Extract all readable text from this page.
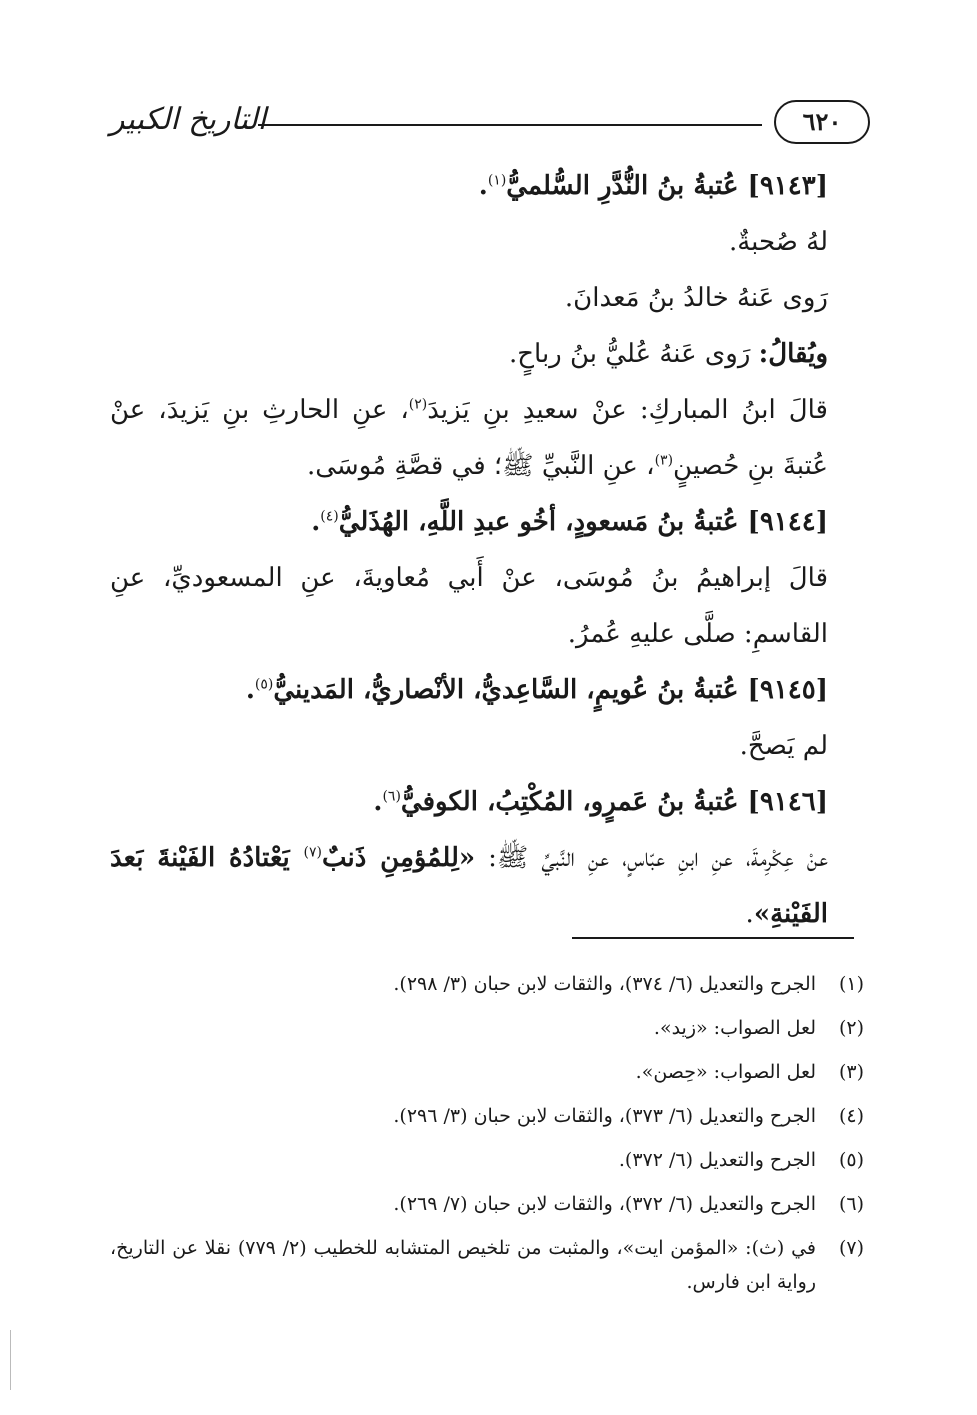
التاريخ الكبير	٦٢٠

[٩١٤٣] عُتبةُ بنُ النُّدَّرِ السُّلميُّ$^{(١)}$.

لهُ صُحبةٌ.

رَوى عَنهُ خالدُ بنُ مَعدانَ.

ويُقالُ: رَوى عَنهُ عُليُّ بنُ رباحٍ.

قالَ ابنُ المباركِ: عنْ سعيدِ بنِ يَزيدَ$^{(٢)}$، عنِ الحارثِ بنِ يَزيدَ، عنْ عُتبةَ بنِ حُصينٍ$^{(٣)}$، عنِ النَّبيِّ ﷺ؛ في قصَّةِ مُوسَى.

[٩١٤٤] عُتبةُ بنُ مَسعودٍ، أخُو عبدِ اللَّهِ، الهُذَليُّ$^{(٤)}$.

قالَ إبراهيمُ بنُ مُوسَى، عنْ أَبي مُعاويةَ، عنِ المسعوديِّ، عنِ القاسمِ: صلَّى عليهِ عُمرُ.

[٩١٤٥] عُتبةُ بنُ عُويمٍ، السَّاعِديُّ، الأنْصاريُّ، المَدينيُّ$^{(٥)}$.

لم يَصحَّ.

[٩١٤٦] عُتبةُ بنُ عَمرٍو، المُكْتِبُ، الكوفيُّ$^{(٦)}$.

عنْ عِكْرِمةَ، عنِ ابنِ عبّاسٍ، عنِ النَّبيِّ ﷺ: «لِلمُؤمِنِ ذَنبٌ$^{(٧)}$ يَعْتادُهُ الفَيْنةَ بَعدَ الفَيْنةِ».

(١)
الجرح والتعديل (٦/ ٣٧٤)، والثقات لابن حبان (٣/ ٢٩٨).
(٢)
لعل الصواب: «زيد».
(٣)
لعل الصواب: «حِصن».
(٤)
الجرح والتعديل (٦/ ٣٧٣)، والثقات لابن حبان (٣/ ٢٩٦).
(٥)
الجرح والتعديل (٦/ ٣٧٢).
(٦)
الجرح والتعديل (٦/ ٣٧٢)، والثقات لابن حبان (٧/ ٢٦٩).
(٧)
في (ث): «المؤمن ايت»، والمثبت من تلخيص المتشابه للخطيب (٢/ ٧٧٩) نقلا عن التاريخ، رواية ابن فارس.
